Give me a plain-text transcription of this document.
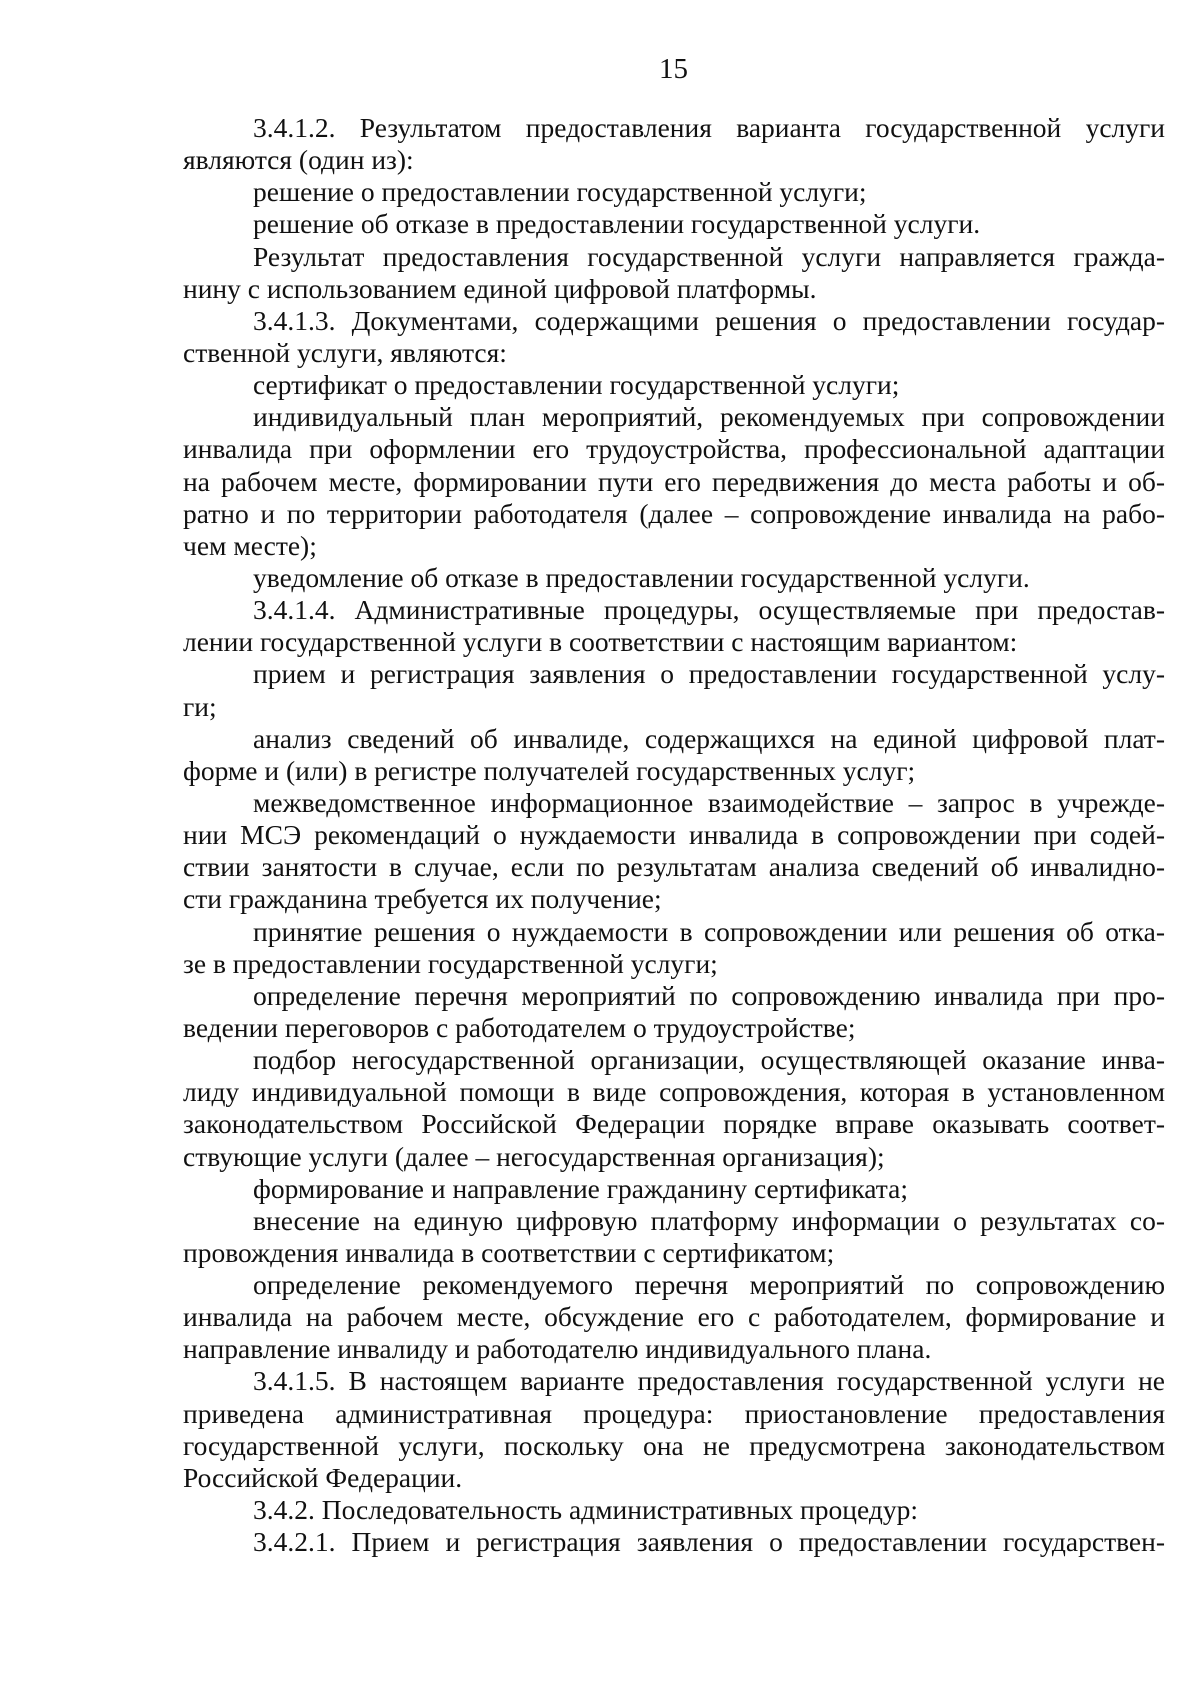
15
3.4.1.2. Результатом предоставления варианта государственной услуги
являются (один из):
решение о предоставлении государственной услуги;
решение об отказе в предоставлении государственной услуги.
Результат предоставления государственной услуги направляется гражда-
нину с использованием единой цифровой платформы.
3.4.1.3. Документами, содержащими решения о предоставлении государ-
ственной услуги, являются:
сертификат о предоставлении государственной услуги;
индивидуальный план мероприятий, рекомендуемых при сопровождении
инвалида при оформлении его трудоустройства, профессиональной адаптации
на рабочем месте, формировании пути его передвижения до места работы и об-
ратно и по территории работодателя (далее – сопровождение инвалида на рабо-
чем месте);
уведомление об отказе в предоставлении государственной услуги.
3.4.1.4. Административные процедуры, осуществляемые при предостав-
лении государственной услуги в соответствии с настоящим вариантом:
прием и регистрация заявления о предоставлении государственной услу-
ги;
анализ сведений об инвалиде, содержащихся на единой цифровой плат-
форме и (или) в регистре получателей государственных услуг;
межведомственное информационное взаимодействие – запрос в учрежде-
нии МСЭ рекомендаций о нуждаемости инвалида в сопровождении при содей-
ствии занятости в случае, если по результатам анализа сведений об инвалидно-
сти гражданина требуется их получение;
принятие решения о нуждаемости в сопровождении или решения об отка-
зе в предоставлении государственной услуги;
определение перечня мероприятий по сопровождению инвалида при про-
ведении переговоров с работодателем о трудоустройстве;
подбор негосударственной организации, осуществляющей оказание инва-
лиду индивидуальной помощи в виде сопровождения, которая в установленном
законодательством Российской Федерации порядке вправе оказывать соответ-
ствующие услуги (далее – негосударственная организация);
формирование и направление гражданину сертификата;
внесение на единую цифровую платформу информации о результатах со-
провождения инвалида в соответствии с сертификатом;
определение рекомендуемого перечня мероприятий по сопровождению
инвалида на рабочем месте, обсуждение его с работодателем, формирование и
направление инвалиду и работодателю индивидуального плана.
3.4.1.5. В настоящем варианте предоставления государственной услуги не
приведена административная процедура: приостановление предоставления
государственной услуги, поскольку она не предусмотрена законодательством
Российской Федерации.
3.4.2. Последовательность административных процедур:
3.4.2.1. Прием и регистрация заявления о предоставлении государствен-
